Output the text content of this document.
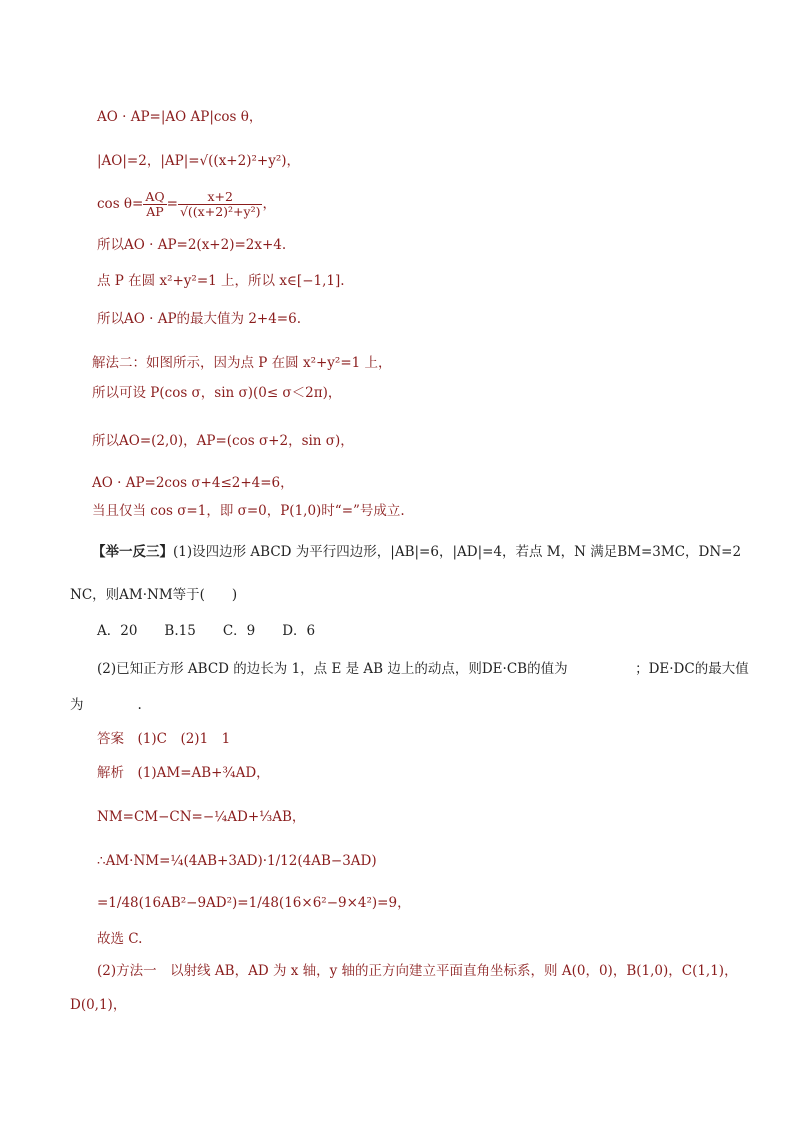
AO · AP=|AO AP|cos θ，
|AO|=2，|AP|=√((x+2)²+y²)，
$\cos \theta= \frac{AQ}{AP} = \frac{x+2}{\text{√((x+2)²+y²)}}$ ，
所以AO · AP=2(x+2)=2x+4.
点 P 在圆 x²+y²=1 上，所以 x∈[−1,1].
所以AO · AP的最大值为 2+4=6.
解法二：如图所示，因为点 P 在圆 x²+y²=1 上，
所以可设 P(cos σ，sin σ)(0≤ σ＜2π)，
所以AO=(2,0)，AP=(cos σ+2，sin σ)，
AO · AP=2cos σ+4≤2+4=6，
当且仅当 cos σ=1，即 σ=0，P(1,0)时“=”号成立.
【举一反三】(1)设四边形 ABCD 为平行四边形，|AB|=6，|AD|=4，若点 M，N 满足BM=3MC，DN=2
NC，则AM·NM等于(　　)
A．20　　B.15　　C．9　　D．6
(2)已知正方形 ABCD 的边长为 1，点 E 是 AB 边上的动点，则DE·CB的值为　　　　　；DE·DC的最大值
为　　　　.
答案　(1)C　(2)1　1
解析　(1)AM=AB+¾AD，
NM=CM−CN=−¼AD+⅓AB，
∴AM·NM=¼(4AB+3AD)·1/12(4AB−3AD)
=1/48(16AB²−9AD²)=1/48(16×6²−9×4²)=9，
故选 C.
(2)方法一　以射线 AB，AD 为 x 轴，y 轴的正方向建立平面直角坐标系，则 A(0，0)，B(1,0)，C(1,1)，
D(0,1)，
